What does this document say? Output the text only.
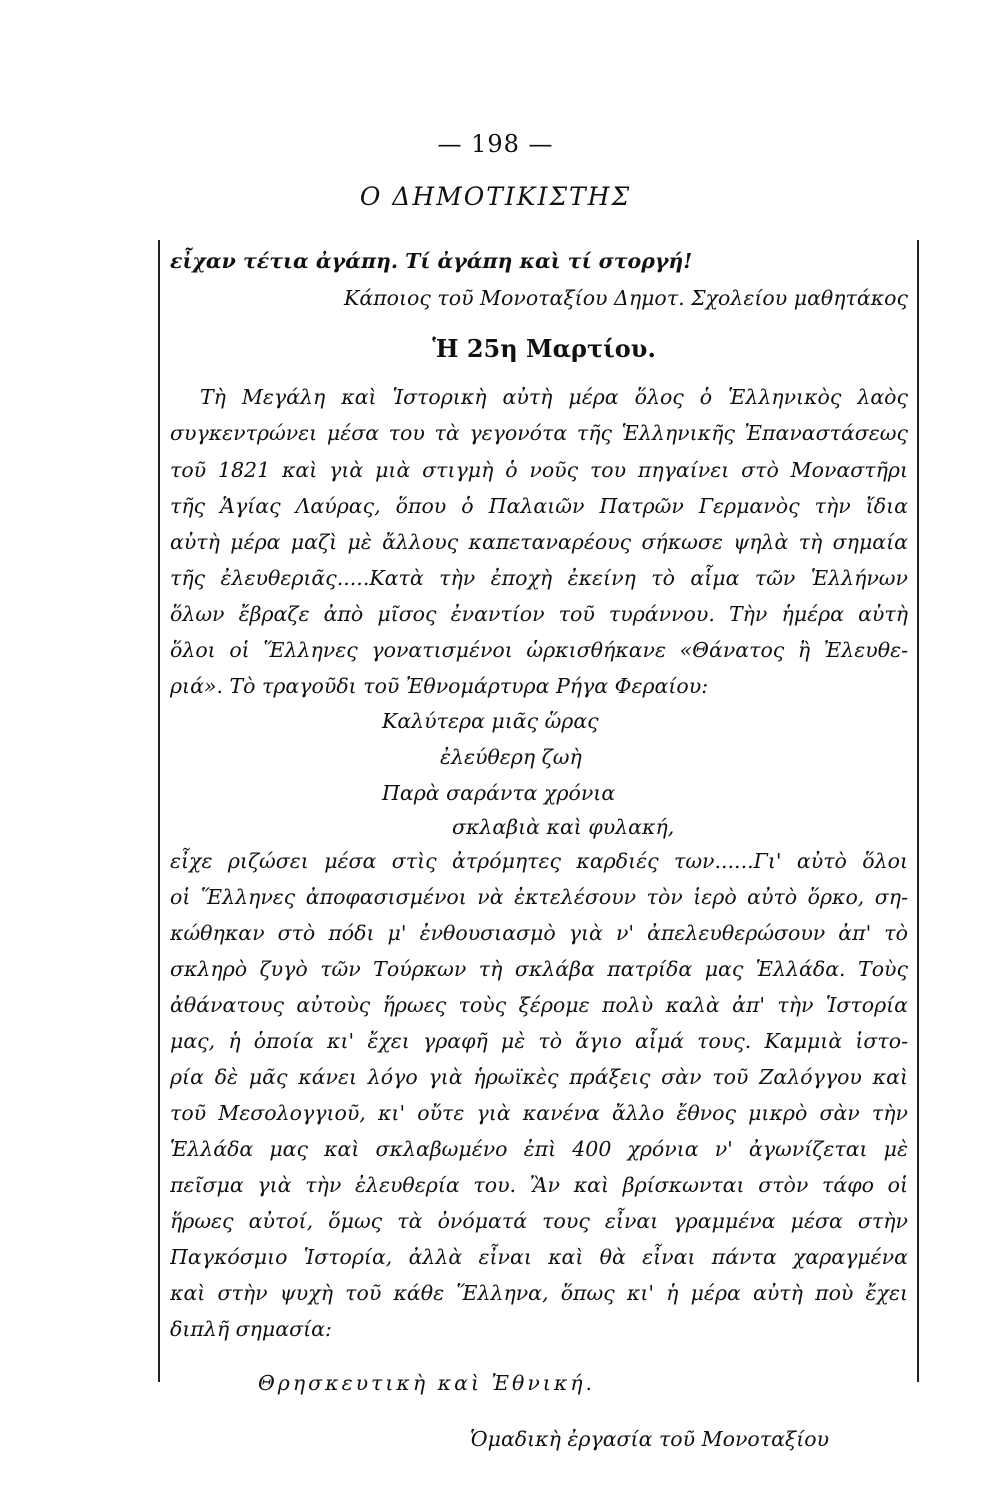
— 198 —
Ο ΔΗΜΟΤΙΚΙΣΤΗΣ
εἶχαν τέτια ἀγάπη. Τί ἀγάπη καὶ τί στοργή!
Κάποιος τοῦ Μονοταξίου Δημοτ. Σχολείου μαθητάκος
Ἡ 25η Μαρτίου.
Τὴ Μεγάλη καὶ Ἱστορικὴ αὐτὴ μέρα ὅλος ὁ Ἑλληνικὸς λαὸς
συγκεντρώνει μέσα του τὰ γεγονότα τῆς Ἑλληνικῆς Ἐπαναστάσεως
τοῦ 1821 καὶ γιὰ μιὰ στιγμὴ ὁ νοῦς του πηγαίνει στὸ Μοναστῆρι
τῆς Ἁγίας Λαύρας, ὅπου ὁ Παλαιῶν Πατρῶν Γερμανὸς τὴν ἴδια
αὐτὴ μέρα μαζὶ μὲ ἄλλους καπεταναρέους σήκωσε ψηλὰ τὴ σημαία
τῆς ἐλευθεριᾶς.....Κατὰ τὴν ἐποχὴ ἐκείνη τὸ αἷμα τῶν Ἑλλήνων
ὅλων ἔβραζε ἀπὸ μῖσος ἐναντίον τοῦ τυράννου. Τὴν ἡμέρα αὐτὴ
ὅλοι οἱ Ἕλληνες γονατισμένοι ὡρκισθήκανε «Θάνατος ἢ Ἐλευθε-
ριά». Τὸ τραγοῦδι τοῦ Ἐθνομάρτυρα Ρήγα Φεραίου:
Καλύτερα μιᾶς ὥρας
ἐλεύθερη ζωὴ
Παρὰ σαράντα χρόνια
σκλαβιὰ καὶ φυλακή,
εἶχε ριζώσει μέσα στὶς ἀτρόμητες καρδιές των......Γι' αὐτὸ ὅλοι
οἱ Ἕλληνες ἀποφασισμένοι νὰ ἐκτελέσουν τὸν ἱερὸ αὐτὸ ὅρκο, ση-
κώθηκαν στὸ πόδι μ' ἐνθουσιασμὸ γιὰ ν' ἀπελευθερώσουν ἀπ' τὸ
σκληρὸ ζυγὸ τῶν Τούρκων τὴ σκλάβα πατρίδα μας Ἑλλάδα. Τοὺς
ἀθάνατους αὐτοὺς ἥρωες τοὺς ξέρομε πολὺ καλὰ ἀπ' τὴν Ἱστορία
μας, ἡ ὁποία κι' ἔχει γραφῆ μὲ τὸ ἅγιο αἷμά τους. Καμμιὰ ἱστο-
ρία δὲ μᾶς κάνει λόγο γιὰ ἡρωϊκὲς πράξεις σὰν τοῦ Ζαλόγγου καὶ
τοῦ Μεσολογγιοῦ, κι' οὔτε γιὰ κανένα ἄλλο ἔθνος μικρὸ σὰν τὴν
Ἑλλάδα μας καὶ σκλαβωμένο ἐπὶ 400 χρόνια ν' ἀγωνίζεται μὲ
πεῖσμα γιὰ τὴν ἐλευθερία του. Ἂν καὶ βρίσκωνται στὸν τάφο οἱ
ἥρωες αὐτοί, ὅμως τὰ ὀνόματά τους εἶναι γραμμένα μέσα στὴν
Παγκόσμιο Ἱστορία, ἀλλὰ εἶναι καὶ θὰ εἶναι πάντα χαραγμένα
καὶ στὴν ψυχὴ τοῦ κάθε Ἕλληνα, ὅπως κι' ἡ μέρα αὐτὴ ποὺ ἔχει
διπλῆ σημασία:
Θρησκευτικὴ καὶ Ἐθνική.
Ὁμαδικὴ ἐργασία τοῦ Μονοταξίου
